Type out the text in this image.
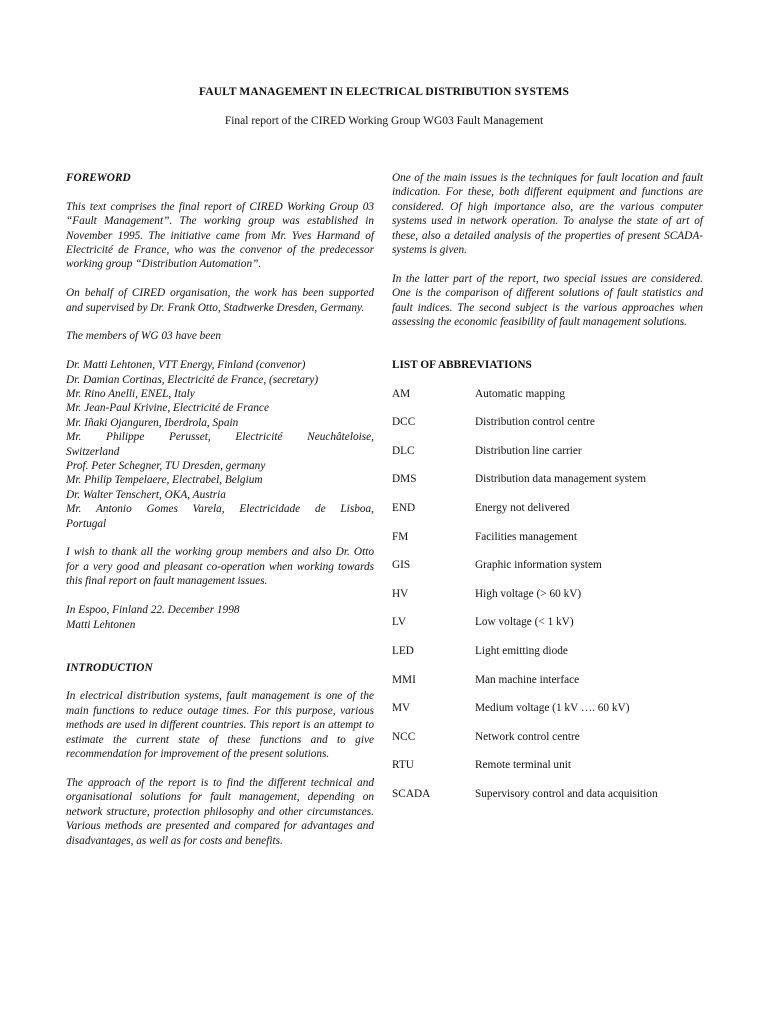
FAULT MANAGEMENT IN ELECTRICAL DISTRIBUTION SYSTEMS
Final report of the CIRED Working Group WG03 Fault Management

FOREWORD

This text comprises the final report of CIRED Working Group 03 “Fault Management”. The working group was established in November 1995. The initiative came from Mr. Yves Harmand of Electricité de France, who was the convenor of the predecessor working group “Distribution Automation”.

On behalf of CIRED organisation, the work has been supported and supervised by Dr. Frank Otto, Stadtwerke Dresden, Germany.

The members of WG 03 have been

Dr. Matti Lehtonen, VTT Energy, Finland (convenor)
Dr. Damian Cortinas, Electricité de France, (secretary)
Mr. Rino Anelli, ENEL, Italy
Mr. Jean-Paul Krivine, Electricité de France
Mr. Iñaki Ojanguren, Iberdrola, Spain
Mr. Philippe Perusset, Electricité Neuchâteloise,
Switzerland
Prof. Peter Schegner, TU Dresden, germany
Mr. Philip Tempelaere, Electrabel, Belgium
Dr. Walter Tenschert, OKA, Austria
Mr. Antonio Gomes Varela, Electricidade de Lisboa,
Portugal

I wish to thank all the working group members and also Dr. Otto for a very good and pleasant co-operation when working towards this final report on fault management issues.

In Espoo, Finland 22. December 1998

Matti Lehtonen

INTRODUCTION

In electrical distribution systems, fault management is one of the main functions to reduce outage times. For this purpose, various methods are used in different countries. This report is an attempt to estimate the current state of these functions and to give recommendation for improvement of the present solutions.

The approach of the report is to find the different technical and organisational solutions for fault management, depending on network structure, protection philosophy and other circumstances. Various methods are presented and compared for advantages and disadvantages, as well as for costs and benefits.

One of the main issues is the techniques for fault location and fault indication. For these, both different equipment and functions are considered. Of high importance also, are the various computer systems used in network operation. To analyse the state of art of these, also a detailed analysis of the properties of present SCADA-systems is given.

In the latter part of the report, two special issues are considered. One is the comparison of different solutions of fault statistics and fault indices. The second subject is the various approaches when assessing the economic feasibility of fault management solutions.

LIST OF ABBREVIATIONS

AM	Automatic mapping
DCC	Distribution control centre
DLC	Distribution line carrier
DMS	Distribution data management system
END	Energy not delivered
FM	Facilities management
GIS	Graphic information system
HV	High voltage (> 60 kV)
LV	Low voltage (< 1 kV)
LED	Light emitting diode
MMI	Man machine interface
MV	Medium voltage (1 kV …. 60 kV)
NCC	Network control centre
RTU	Remote terminal unit
SCADA	Supervisory control and data acquisition
